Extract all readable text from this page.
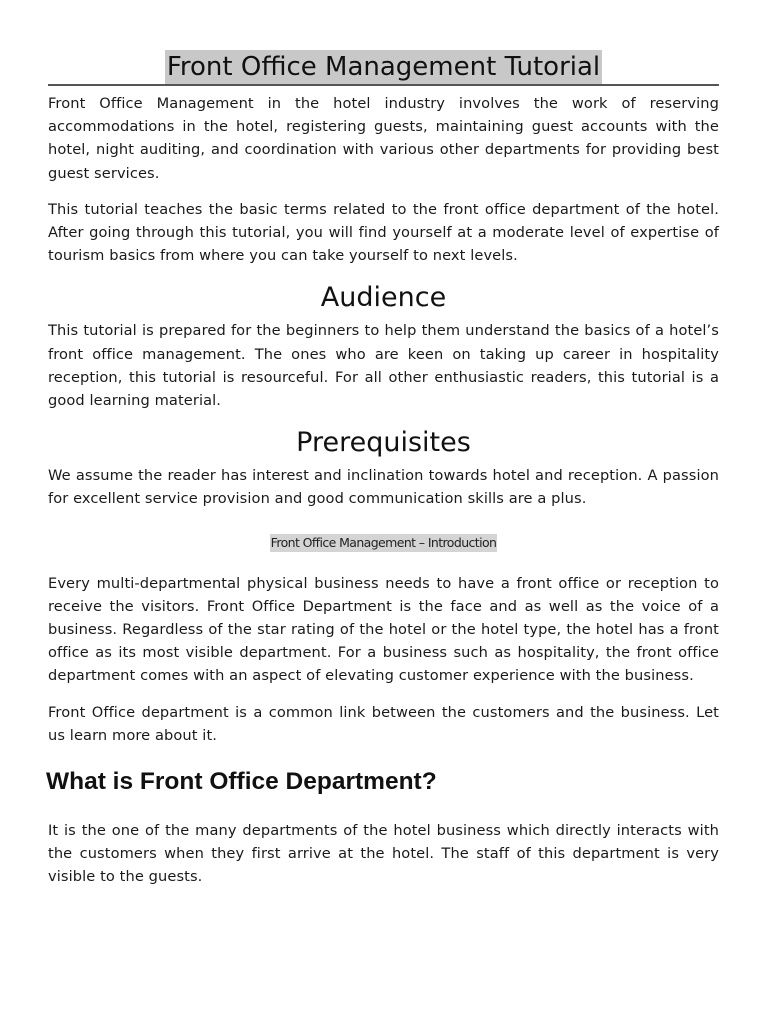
Front Office Management Tutorial

Front Office Management in the hotel industry involves the work of reserving accommodations in the hotel, registering guests, maintaining guest accounts with the hotel, night auditing, and coordination with various other departments for providing best guest services.

This tutorial teaches the basic terms related to the front office department of the hotel. After going through this tutorial, you will find yourself at a moderate level of expertise of tourism basics from where you can take yourself to next levels.

Audience

This tutorial is prepared for the beginners to help them understand the basics of a hotel’s front office management. The ones who are keen on taking up career in hospitality reception, this tutorial is resourceful. For all other enthusiastic readers, this tutorial is a good learning material.

Prerequisites

We assume the reader has interest and inclination towards hotel and reception. A passion for excellent service provision and good communication skills are a plus.

Front Office Management – Introduction

Every multi-departmental physical business needs to have a front office or reception to receive the visitors. Front Office Department is the face and as well as the voice of a business. Regardless of the star rating of the hotel or the hotel type, the hotel has a front office as its most visible department. For a business such as hospitality, the front office department comes with an aspect of elevating customer experience with the business.

Front Office department is a common link between the customers and the business. Let us learn more about it.

What is Front Office Department?

It is the one of the many departments of the hotel business which directly interacts with the customers when they first arrive at the hotel. The staff of this department is very visible to the guests.
